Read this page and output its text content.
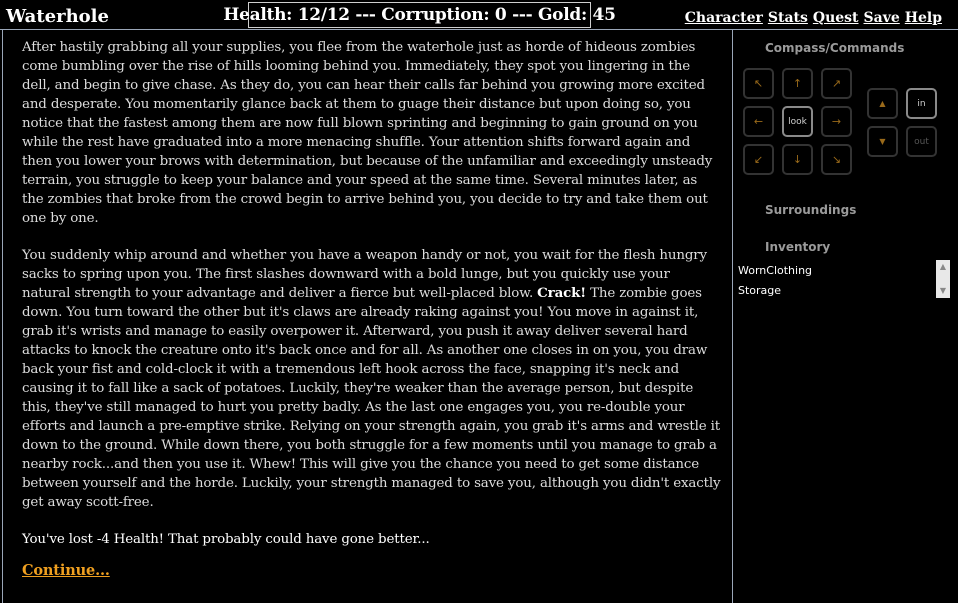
Waterhole	Health: 12/12 --- Corruption: 0 --- Gold: 45	Character Stats Quest Save Help

After hastily grabbing all your supplies, you flee from the waterhole just as horde of hideous zombies come bumbling over the rise of hills looming behind you. Immediately, they spot you lingering in the dell, and begin to give chase. As they do, you can hear their calls far behind you growing more excited and desperate. You momentarily glance back at them to guage their distance but upon doing so, you notice that the fastest among them are now full blown sprinting and beginning to gain ground on you while the rest have graduated into a more menacing shuffle. Your attention shifts forward again and then you lower your brows with determination, but because of the unfamiliar and exceedingly unsteady terrain, you struggle to keep your balance and your speed at the same time. Several minutes later, as the zombies that broke from the crowd begin to arrive behind you, you decide to try and take them out one by one.

You suddenly whip around and whether you have a weapon handy or not, you wait for the flesh hungry sacks to spring upon you. The first slashes downward with a bold lunge, but you quickly use your natural strength to your advantage and deliver a fierce but well-placed blow. Crack! The zombie goes down. You turn toward the other but it's claws are already raking against you! You move in against it, grab it's wrists and manage to easily overpower it. Afterward, you push it away deliver several hard attacks to knock the creature onto it's back once and for all. As another one closes in on you, you draw back your fist and cold-clock it with a tremendous left hook across the face, snapping it's neck and causing it to fall like a sack of potatoes. Luckily, they're weaker than the average person, but despite this, they've still managed to hurt you pretty badly. As the last one engages you, you re-double your efforts and launch a pre-emptive strike. Relying on your strength again, you grab it's arms and wrestle it down to the ground. While down there, you both struggle for a few moments until you manage to grab a nearby rock...and then you use it. Whew! This will give you the chance you need to get some distance between yourself and the horde. Luckily, your strength managed to save you, although you didn't exactly get away scott-free.

You've lost -4 Health! That probably could have gone better...

Continue...
Compass/Commands
↖	↑	↗
←	look →
↙	↓	↘
▲	in
▼	out
Surroundings
Inventory
WornClothing
Storage
▲
▼
